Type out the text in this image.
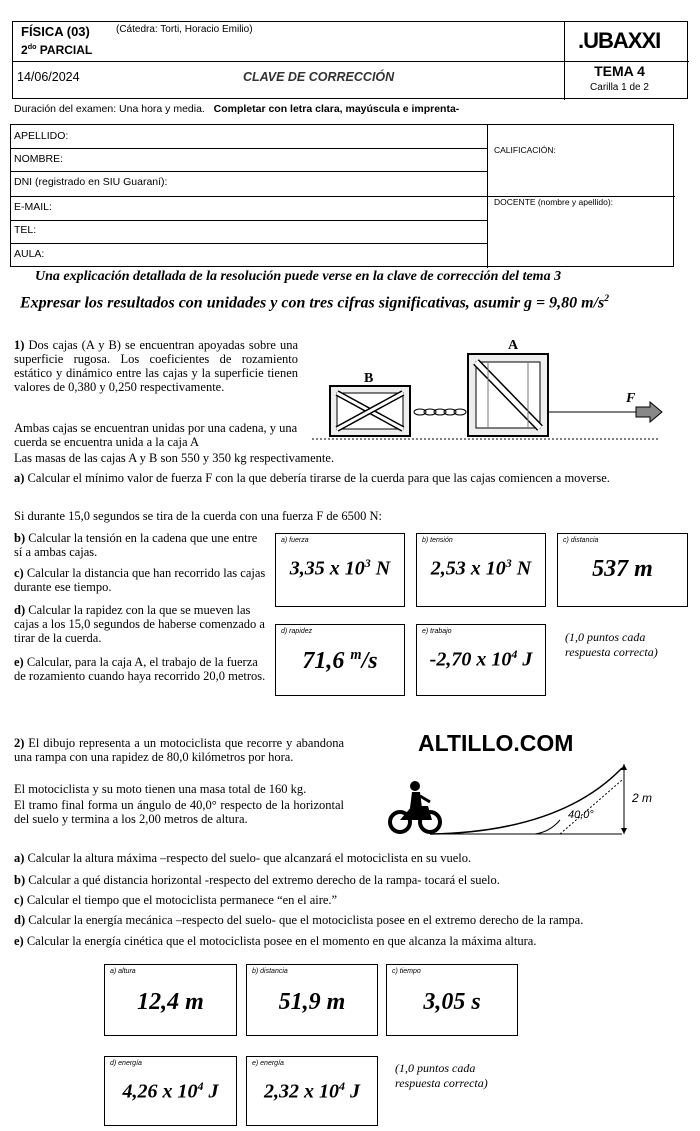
FÍSICA (03)	(Cátedra: Torti, Horacio Emilio)
$2^{do}$ PARCIAL	.UBAXXI
14/06/2024	CLAVE DE CORRECCIÓN	TEMA 4
Carilla 1 de 2
Duración del examen: Una hora y media. Completar con letra clara, mayúscula e imprenta-
APELLIDO:
NOMBRE:
DNI (registrado en SIU Guaraní):
E-MAIL:
TEL:
AULA:
CALIFICACIÓN:
DOCENTE (nombre y apellido):
Una explicación detallada de la resolución puede verse en la clave de corrección del tema 3
Expresar los resultados con unidades y con tres cifras significativas, asumir g = 9,80 $m/s^2$
1) Dos cajas (A y B) se encuentran apoyadas sobre una superficie rugosa. Los coeficientes de rozamiento estático y dinámico entre las cajas y la superficie tienen valores de 0,380 y 0,250 respectivamente.
Ambas cajas se encuentran unidas por una cadena, y una cuerda se encuentra unida a la caja A
Las masas de las cajas A y B son 550 y 350 kg respectivamente.
A
B
F
a) Calcular el mínimo valor de fuerza F con la que debería tirarse de la cuerda para que las cajas comiencen a moverse.
Si durante 15,0 segundos se tira de la cuerda con una fuerza F de 6500 N:
b) Calcular la tensión en la cadena que une entre sí a ambas cajas.
c) Calcular la distancia que han recorrido las cajas durante ese tiempo.
d) Calcular la rapidez con la que se mueven las cajas a los 15,0 segundos de haberse comenzado a tirar de la cuerda.
e) Calcular, para la caja A, el trabajo de la fuerza de rozamiento cuando haya recorrido 20,0 metros.
a) fuerza
3,35 x $10^3$ N
b) tensión
2,53 x $10^3$ N
c) distancia
537 m
d) rapidez
71,6 $^m$/s
e) trabajo
-2,70 x $10^4$ J
(1,0 puntos cada respuesta correcta)
2) El dibujo representa a un motociclista que recorre y abandona una rampa con una rapidez de 80,0 kilómetros por hora.
El motociclista y su moto tienen una masa total de 160 kg.
El tramo final forma un ángulo de 40,0° respecto de la horizontal del suelo y termina a los 2,00 metros de altura.
ALTILLO.COM
40,0°
2 m
a) Calcular la altura máxima –respecto del suelo- que alcanzará el motociclista en su vuelo.
b) Calcular a qué distancia horizontal -respecto del extremo derecho de la rampa- tocará el suelo.
c) Calcular el tiempo que el motociclista permanece “en el aire.”
d) Calcular la energía mecánica –respecto del suelo- que el motociclista posee en el extremo derecho de la rampa.
e) Calcular la energía cinética que el motociclista posee en el momento en que alcanza la máxima altura.
a) altura
12,4 m
b) distancia
51,9 m
c) tiempo
3,05 s
d) energía
4,26 x $10^4$ J
e) energía
2,32 x $10^4$ J
(1,0 puntos cada respuesta correcta)
